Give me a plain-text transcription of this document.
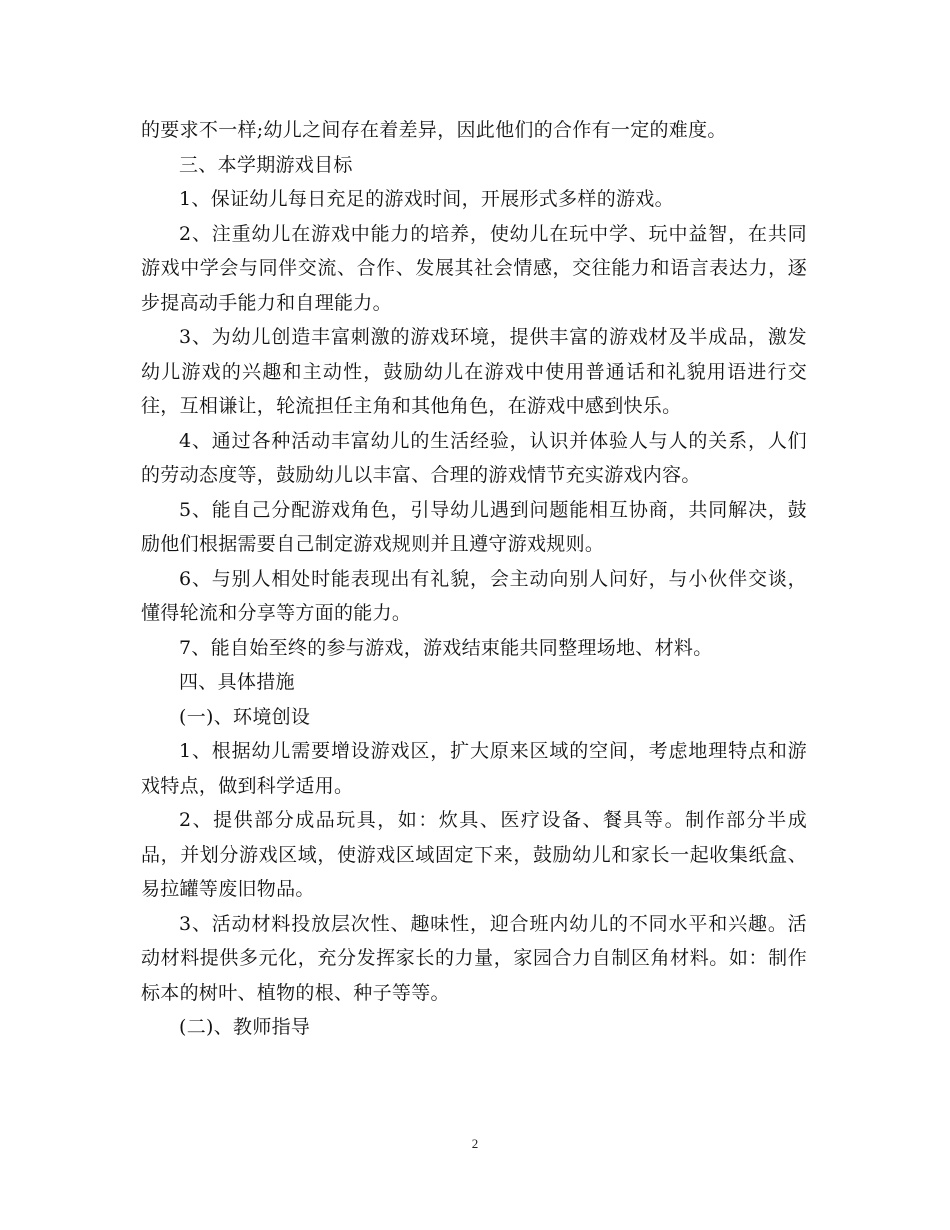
的要求不一样;幼儿之间存在着差异，因此他们的合作有一定的难度。

三、本学期游戏目标

1、保证幼儿每日充足的游戏时间，开展形式多样的游戏。

2、注重幼儿在游戏中能力的培养，使幼儿在玩中学、玩中益智，在共同游戏中学会与同伴交流、合作、发展其社会情感，交往能力和语言表达力，逐步提高动手能力和自理能力。

3、为幼儿创造丰富刺激的游戏环境，提供丰富的游戏材及半成品，激发幼儿游戏的兴趣和主动性，鼓励幼儿在游戏中使用普通话和礼貌用语进行交往，互相谦让，轮流担任主角和其他角色，在游戏中感到快乐。

4、通过各种活动丰富幼儿的生活经验，认识并体验人与人的关系，人们的劳动态度等，鼓励幼儿以丰富、合理的游戏情节充实游戏内容。

5、能自己分配游戏角色，引导幼儿遇到问题能相互协商，共同解决，鼓励他们根据需要自己制定游戏规则并且遵守游戏规则。

6、与别人相处时能表现出有礼貌，会主动向别人问好，与小伙伴交谈，懂得轮流和分享等方面的能力。

7、能自始至终的参与游戏，游戏结束能共同整理场地、材料。

四、具体措施

(一)、环境创设

1、根据幼儿需要增设游戏区，扩大原来区域的空间，考虑地理特点和游戏特点，做到科学适用。

2、提供部分成品玩具，如：炊具、医疗设备、餐具等。制作部分半成品，并划分游戏区域，使游戏区域固定下来，鼓励幼儿和家长一起收集纸盒、易拉罐等废旧物品。

3、活动材料投放层次性、趣味性，迎合班内幼儿的不同水平和兴趣。活动材料提供多元化，充分发挥家长的力量，家园合力自制区角材料。如：制作标本的树叶、植物的根、种子等等。

(二)、教师指导

2
